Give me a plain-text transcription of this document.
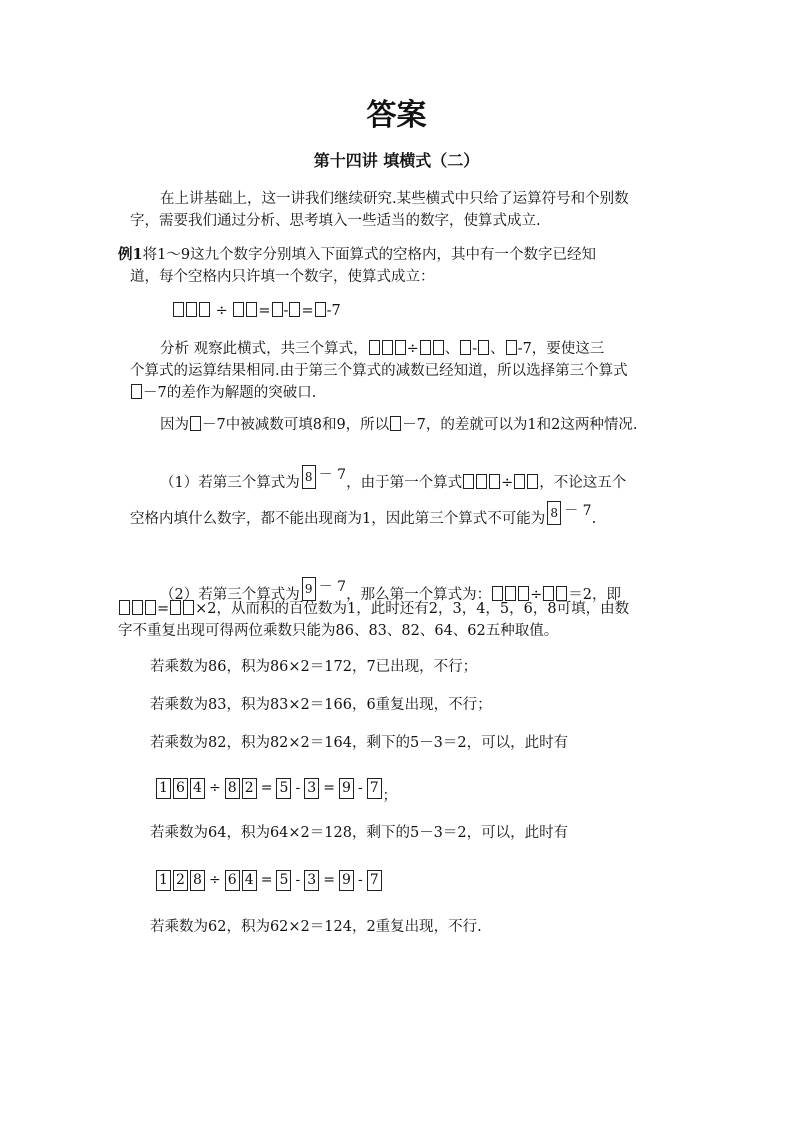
答案
第十四讲 填横式（二）
在上讲基础上，这一讲我们继续研究.某些横式中只给了运算符号和个别数
字，需要我们通过分析、思考填入一些适当的数字，使算式成立.
例1将1～9这九个数字分别填入下面算式的空格内，其中有一个数字已经知
道，每个空格内只许填一个数字，使算式成立：
÷ = - = -7
分析 观察此横式，共三个算式，	÷ 、 - 、 -7，要使这三
个算式的运算结果相同.由于第三个算式的减数已经知道，所以选择第三个算式
－7的差作为解题的突破口.
因为 －7中被减数可填8和9，所以 －7，的差就可以为1和2这两种情况.
（1）若第三个算式为 8 － 7，由于第一个算式	÷ ，不论这五个
空格内填什么数字，都不能出现商为1，因此第三个算式不可能为 8 － 7.
（2）若第三个算式为 9 － 7，那么第一个算式为：	÷ ＝2，即
= ×2，从而积的百位数为1，此时还有2，3，4，5，6，8可填，由数
字不重复出现可得两位乘数只能为86、83、82、64、62五种取值。
若乘数为86，积为86×2＝172，7已出现，不行；
若乘数为83，积为83×2＝166，6重复出现，不行；
若乘数为82，积为82×2＝164，剩下的5－3＝2，可以，此时有
1 6 4 ÷ 8 2 = 5 - 3 = 9 - 7；
若乘数为64，积为64×2＝128，剩下的5－3＝2，可以，此时有
1 2 8 ÷ 6 4 = 5 - 3 = 9 - 7
若乘数为62，积为62×2＝124，2重复出现，不行.
